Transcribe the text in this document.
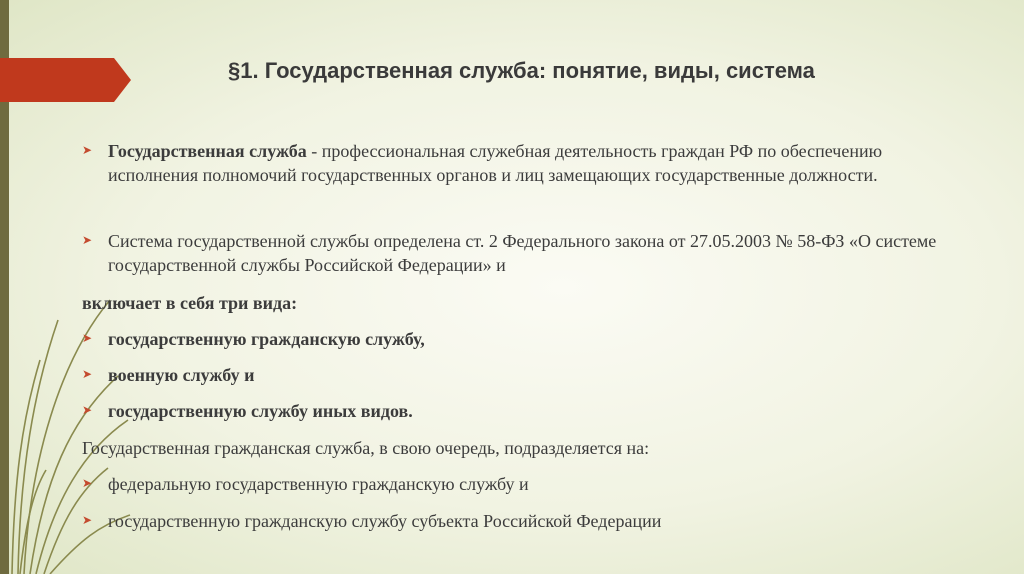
§1. Государственная служба: понятие, виды, система
➤ Государственная служба - профессиональная служебная деятельность граждан РФ по обеспечению исполнения полномочий государственных органов и лиц замещающих государственные должности.
➤ Система государственной службы определена ст. 2 Федерального закона от 27.05.2003 № 58-ФЗ «О системе государственной службы Российской Федерации» и
включает в себя три вида:
➤ государственную гражданскую службу,
➤ военную службу и
➤ государственную службу иных видов.
Государственная гражданская служба, в свою очередь, подразделяется на:
➤ федеральную государственную гражданскую службу и
➤ государственную гражданскую службу субъекта Российской Федерации
